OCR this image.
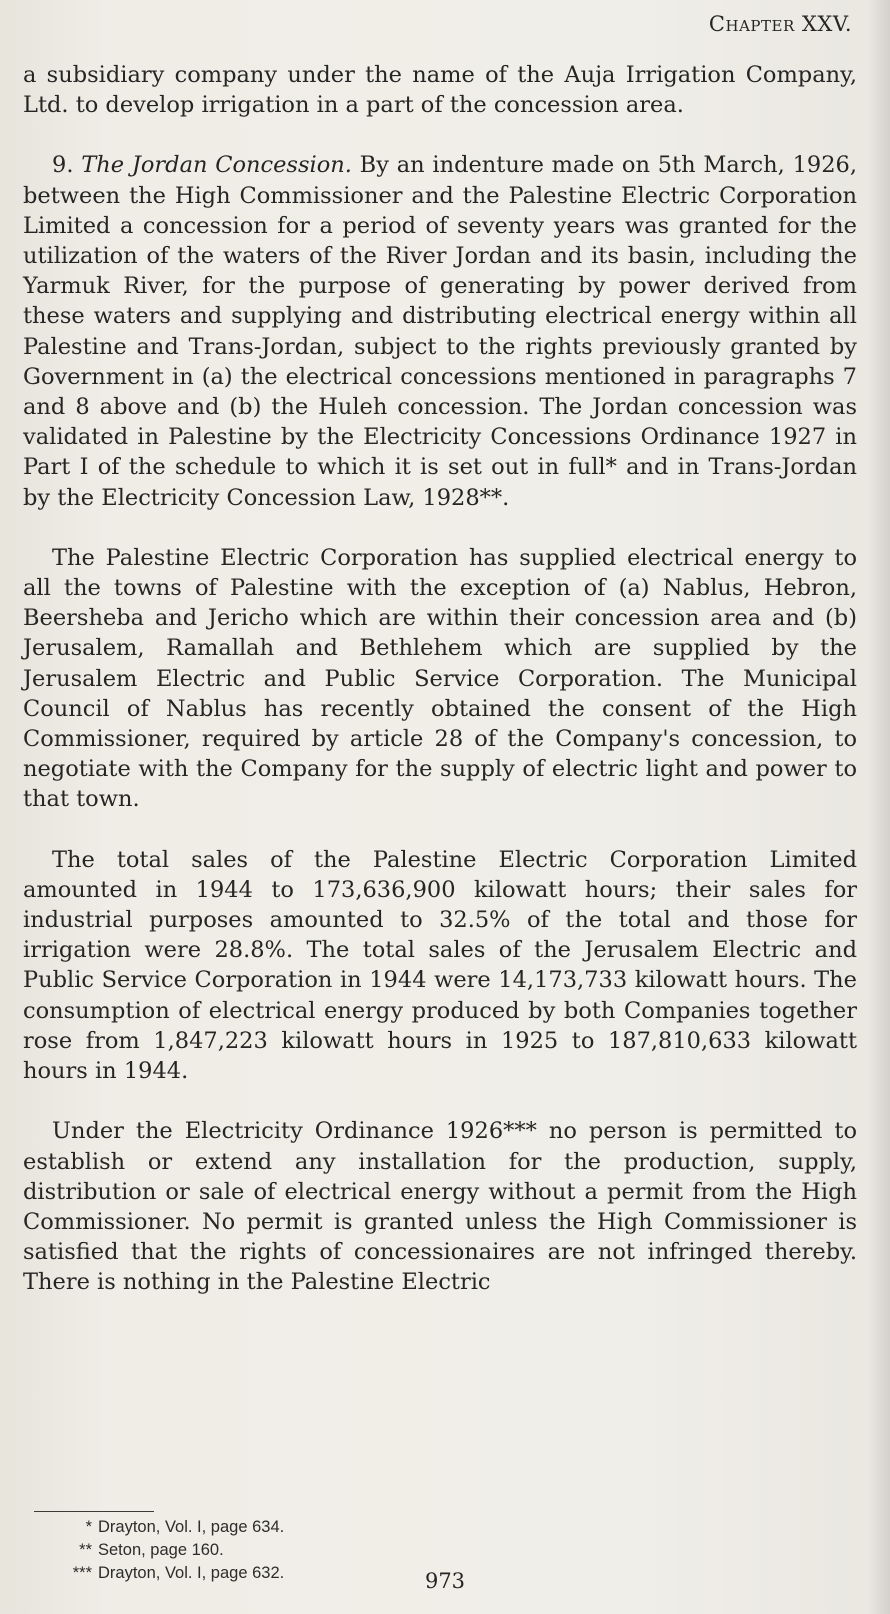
Chapter XXV.

a subsidiary company under the name of the Auja Irrigation Company, Ltd. to develop irrigation in a part of the concession area.

9. The Jordan Concession. By an indenture made on 5th March, 1926, between the High Commissioner and the Palestine Electric Corporation Limited a concession for a period of seventy years was granted for the utilization of the waters of the River Jordan and its basin, including the Yarmuk River, for the purpose of generating by power derived from these waters and supplying and distributing electrical energy within all Palestine and Trans-Jordan, subject to the rights previously granted by Government in (a) the electrical concessions mentioned in paragraphs 7 and 8 above and (b) the Huleh concession. The Jordan concession was validated in Palestine by the Electricity Concessions Ordinance 1927 in Part I of the schedule to which it is set out in full* and in Trans-Jordan by the Electricity Concession Law, 1928**.

The Palestine Electric Corporation has supplied electrical energy to all the towns of Palestine with the exception of (a) Nablus, Hebron, Beersheba and Jericho which are within their concession area and (b) Jerusalem, Ramallah and Bethlehem which are supplied by the Jerusalem Electric and Public Service Corporation. The Municipal Council of Nablus has recently obtained the consent of the High Commissioner, required by article 28 of the Company's concession, to negotiate with the Company for the supply of electric light and power to that town.

The total sales of the Palestine Electric Corporation Limited amounted in 1944 to 173,636,900 kilowatt hours; their sales for industrial purposes amounted to 32.5% of the total and those for irrigation were 28.8%. The total sales of the Jerusalem Electric and Public Service Corporation in 1944 were 14,173,733 kilowatt hours. The consumption of electrical energy produced by both Companies together rose from 1,847,223 kilowatt hours in 1925 to 187,810,633 kilowatt hours in 1944.

Under the Electricity Ordinance 1926*** no person is permitted to establish or extend any installation for the production, supply, distribution or sale of electrical energy without a permit from the High Commissioner. No permit is granted unless the High Commissioner is satisfied that the rights of concessionaires are not infringed thereby. There is nothing in the Palestine Electric

* Drayton, Vol. I, page 634.
** Seton, page 160.
*** Drayton, Vol. I, page 632.	973
